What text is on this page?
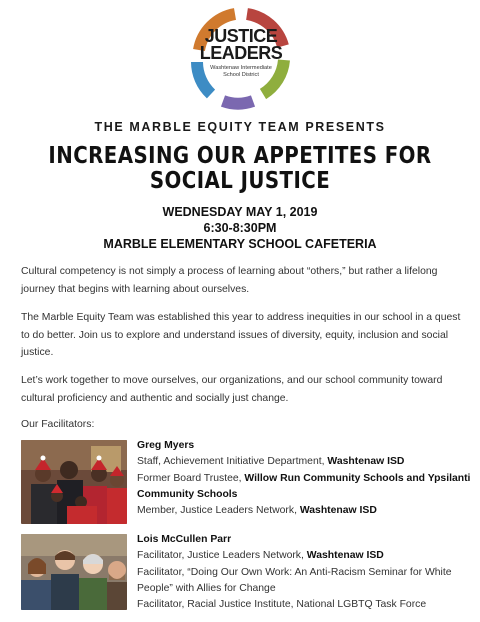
JUSTICE
LEADERS
Washtenaw Intermediate
School District
THE MARBLE EQUITY TEAM PRESENTS
INCREASING OUR APPETITES FOR
SOCIAL JUSTICE
WEDNESDAY MAY 1, 2019
6:30-8:30PM
MARBLE ELEMENTARY SCHOOL CAFETERIA
Cultural competency is not simply a process of learning about “others,” but rather a lifelong journey that begins with learning about ourselves.
The Marble Equity Team was established this year to address inequities in our school in a quest to do better. Join us to explore and understand issues of diversity, equity, inclusion and social justice.
Let’s work together to move ourselves, our organizations, and our school community toward cultural proficiency and authentic and socially just change.
Our Facilitators:
Greg Myers
Staff, Achievement Initiative Department, Washtenaw ISD
Former Board Trustee, Willow Run Community Schools and Ypsilanti Community Schools
Member, Justice Leaders Network, Washtenaw ISD
Lois McCullen Parr
Facilitator, Justice Leaders Network, Washtenaw ISD
Facilitator, “Doing Our Own Work: An Anti-Racism Seminar for White People” with Allies for Change
Facilitator, Racial Justice Institute, National LGBTQ Task Force
